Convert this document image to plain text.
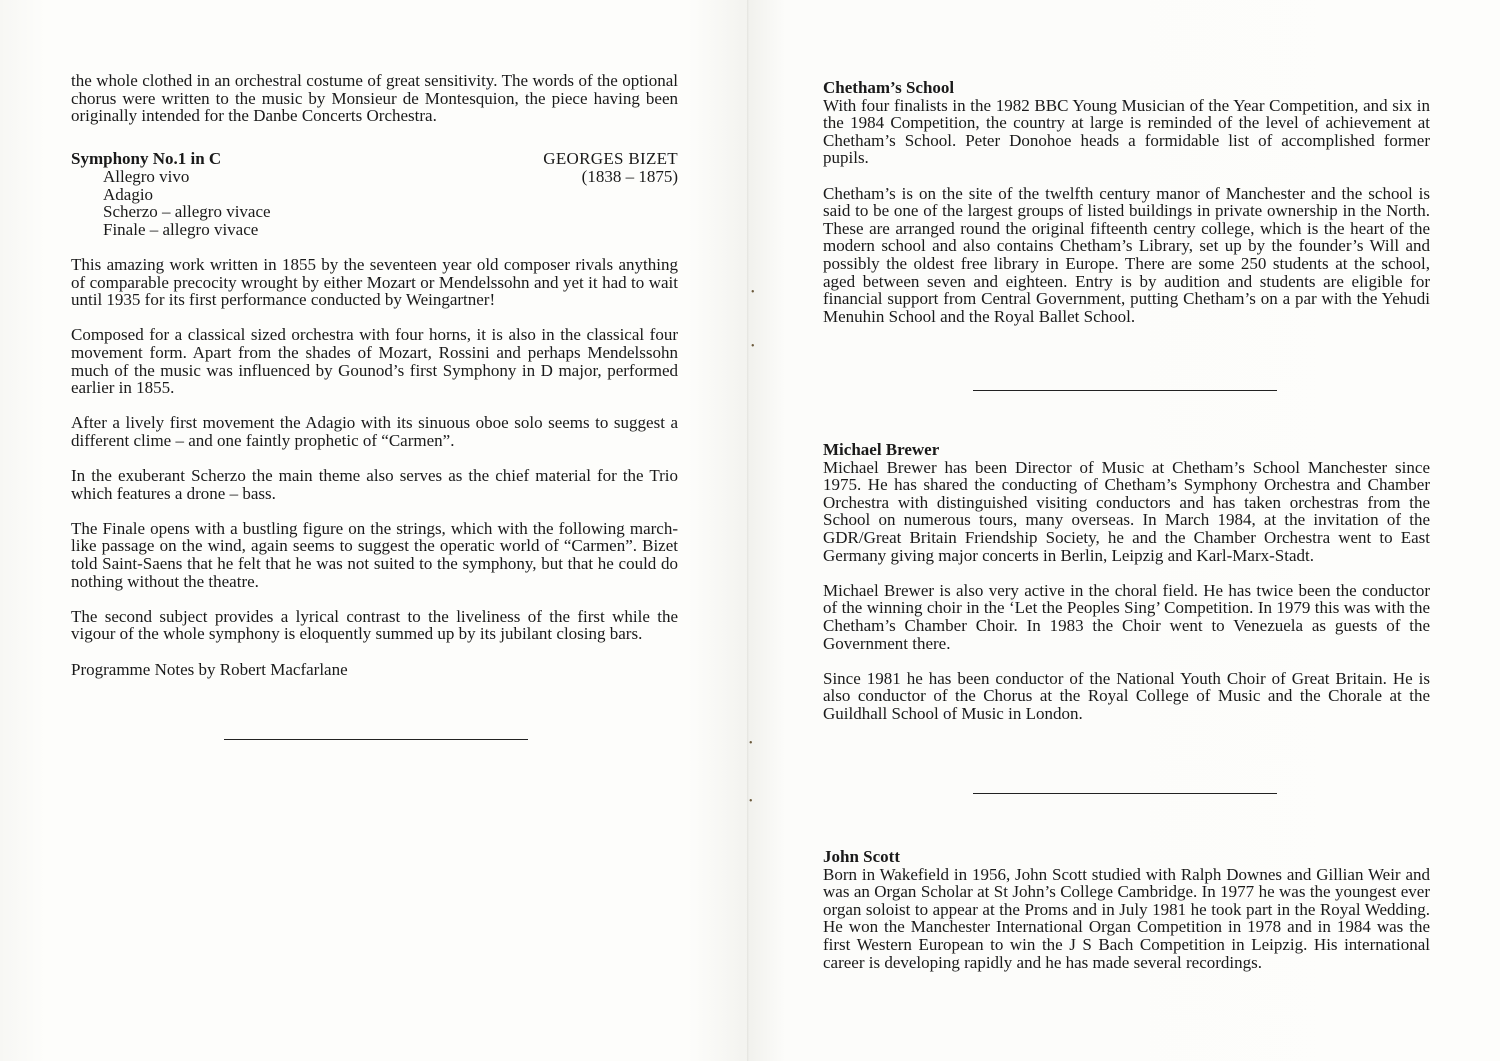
•
•
•
•

the whole clothed in an orchestral costume of great sensitivity. The words of the optional chorus were written to the music by Monsieur de Montesquion, the piece having been originally intended for the Danbe Concerts Orchestra.

Symphony No.1 in C	GEORGES BIZET
Allegro vivo	(1838 – 1875)
Adagio
Scherzo – allegro vivace
Finale – allegro vivace

This amazing work written in 1855 by the seventeen year old composer rivals anything of comparable precocity wrought by either Mozart or Mendelssohn and yet it had to wait until 1935 for its first performance conducted by Weingartner!

Composed for a classical sized orchestra with four horns, it is also in the classical four movement form. Apart from the shades of Mozart, Rossini and perhaps Mendelssohn much of the music was influenced by Gounod’s first Symphony in D major, performed earlier in 1855.

After a lively first movement the Adagio with its sinuous oboe solo seems to suggest a different clime – and one faintly prophetic of “Carmen”.

In the exuberant Scherzo the main theme also serves as the chief material for the Trio which features a drone – bass.

The Finale opens with a bustling figure on the strings, which with the following march-like passage on the wind, again seems to suggest the operatic world of “Carmen”. Bizet told Saint-Saens that he felt that he was not suited to the symphony, but that he could do nothing without the theatre.

The second subject provides a lyrical contrast to the liveliness of the first while the vigour of the whole symphony is eloquently summed up by its jubilant closing bars.

Programme Notes by Robert Macfarlane

Chetham’s School

With four finalists in the 1982 BBC Young Musician of the Year Competition, and six in the 1984 Competition, the country at large is reminded of the level of achievement at Chetham’s School. Peter Donohoe heads a formidable list of accomplished former pupils.

Chetham’s is on the site of the twelfth century manor of Manchester and the school is said to be one of the largest groups of listed buildings in private ownership in the North. These are arranged round the original fifteenth centry college, which is the heart of the modern school and also contains Chetham’s Library, set up by the founder’s Will and possibly the oldest free library in Europe. There are some 250 students at the school, aged between seven and eighteen. Entry is by audition and students are eligible for financial support from Central Government, putting Chetham’s on a par with the Yehudi Menuhin School and the Royal Ballet School.

Michael Brewer

Michael Brewer has been Director of Music at Chetham’s School Manchester since 1975. He has shared the conducting of Chetham’s Symphony Orchestra and Chamber Orchestra with distinguished visiting conductors and has taken orchestras from the School on numerous tours, many overseas. In March 1984, at the invitation of the GDR/Great Britain Friendship Society, he and the Chamber Orchestra went to East Germany giving major concerts in Berlin, Leipzig and Karl-Marx-Stadt.

Michael Brewer is also very active in the choral field. He has twice been the conductor of the winning choir in the ‘Let the Peoples Sing’ Competition. In 1979 this was with the Chetham’s Chamber Choir. In 1983 the Choir went to Venezuela as guests of the Government there.

Since 1981 he has been conductor of the National Youth Choir of Great Britain. He is also conductor of the Chorus at the Royal College of Music and the Chorale at the Guildhall School of Music in London.

John Scott

Born in Wakefield in 1956, John Scott studied with Ralph Downes and Gillian Weir and was an Organ Scholar at St John’s College Cambridge. In 1977 he was the youngest ever organ soloist to appear at the Proms and in July 1981 he took part in the Royal Wedding. He won the Manchester International Organ Competition in 1978 and in 1984 was the first Western European to win the J S Bach Competition in Leipzig. His international career is developing rapidly and he has made several recordings.
